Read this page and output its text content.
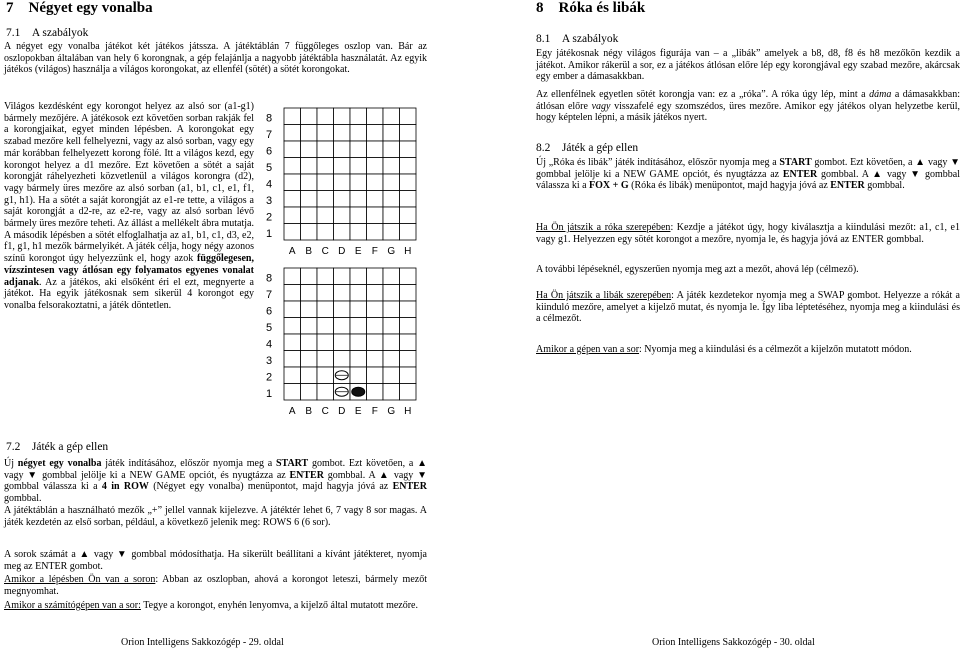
7    Négyet egy vonalba
7.1    A szabályok

A négyet egy vonalba játékot két játékos játssza. A játéktáblán 7 függőleges oszlop van. Bár az oszlopokban általában van hely 6 korongnak, a gép felajánlja a nagyobb játéktábla használatát. Az egyik játékos (világos) használja a világos korongokat, az ellenfél (sötét) a sötét korongokat.

Világos kezdésként egy korongot helyez az alsó sor (a1-g1) bármely mezőjére. A játékosok ezt követően sorban rakják fel a korongjaikat, egyet minden lépésben. A korongokat egy szabad mezőre kell felhelyezni, vagy az alsó sorban, vagy egy már korábban felhelyezett korong fölé. Itt a világos kezd, egy korongot helyez a d1 mezőre. Ezt követően a sötét a saját korongját ráhelyezheti közvetlenül a világos korongra (d2), vagy bármely üres mezőre az alsó sorban (a1, b1, c1, e1, f1, g1, h1). Ha a sötét a saját korongját az e1-re tette, a világos a saját korongját a d2-re, az e2-re, vagy az alsó sorban lévő bármely üres mezőre teheti. Az állást a mellékelt ábra mutatja. A második lépésben a sötét elfoglalhatja az a1, b1, c1, d3, e2, f1, g1, h1 mezők bármelyikét. A játék célja, hogy négy azonos színű korongot úgy helyezzünk el, hogy azok függőlegesen, vízszintesen vagy átlósan egy folyamatos egyenes vonalat adjanak. Az a játékos, aki elsőként éri el ezt, megnyerte a játékot. Ha egyik játékosnak sem sikerül 4 korongot egy vonalba felsorakoztatni, a játék döntetlen.

8
7
6
5
4
3
2
1
A B C D E F G H
8
7
6
5
4
3
2
1
A B C D E F G H
7.2    Játék a gép ellen

Új négyet egy vonalba játék indításához, először nyomja meg a START gombot. Ezt követően, a ▲ vagy ▼ gombbal jelölje ki a NEW GAME opciót, és nyugtázza az ENTER gombbal. A ▲ vagy ▼ gombbal válassza ki a 4 in ROW (Négyet egy vonalba) menüpontot, majd hagyja jóvá az ENTER gombbal.

A játéktáblán a használható mezők „+” jellel vannak kijelezve. A játéktér lehet 6, 7 vagy 8 sor magas. A játék kezdetén az első sorban, például, a következő jelenik meg: ROWS 6 (6 sor).

A sorok számát a ▲ vagy ▼ gombbal módosíthatja. Ha sikerült beállítani a kívánt játékteret, nyomja meg az ENTER gombot.

Amikor a lépésben Ön van a soron: Abban az oszlopban, ahová a korongot leteszi, bármely mezőt megnyomhat.

Amikor a számítógépen van a sor: Tegye a korongot, enyhén lenyomva, a kijelző által mutatott mezőre.

Orion Intelligens Sakkozógép - 29. oldal
8    Róka és libák
8.1    A szabályok

Egy játékosnak négy világos figurája van – a „libák” amelyek a b8, d8, f8 és h8 mezőkön kezdik a játékot. Amikor rákerül a sor, ez a játékos átlósan előre lép egy korongjával egy szabad mezőre, akárcsak egy ember a dámasakkban.

Az ellenfélnek egyetlen sötét korongja van: ez a „róka”. A róka úgy lép, mint a dáma a dámasakkban: átlósan előre vagy visszafelé egy szomszédos, üres mezőre. Amikor egy játékos olyan helyzetbe kerül, hogy képtelen lépni, a másik játékos nyert.

8.2    Játék a gép ellen

Új „Róka és libák” játék indításához, először nyomja meg a START gombot. Ezt követően, a ▲ vagy ▼ gombbal jelölje ki a NEW GAME opciót, és nyugtázza az ENTER gombbal. A ▲ vagy ▼ gombbal válassza ki a FOX + G (Róka és libák) menüpontot, majd hagyja jóvá az ENTER gombbal.

Ha Ön játszik a róka szerepében: Kezdje a játékot úgy, hogy kiválasztja a kiindulási mezőt: a1, c1, e1 vagy g1. Helyezzen egy sötét korongot a mezőre, nyomja le, és hagyja jóvá az ENTER gombbal.

A további lépéseknél, egyszerűen nyomja meg azt a mezőt, ahová lép (célmező).

Ha Ön játszik a libák szerepében: A játék kezdetekor nyomja meg a SWAP gombot. Helyezze a rókát a kiinduló mezőre, amelyet a kijelző mutat, és nyomja le. Így liba léptetéséhez, nyomja meg a kiindulási és a célmezőt.

Amikor a gépen van a sor: Nyomja meg a kiindulási és a célmezőt a kijelzőn mutatott módon.

Orion Intelligens Sakkozógép - 30. oldal
